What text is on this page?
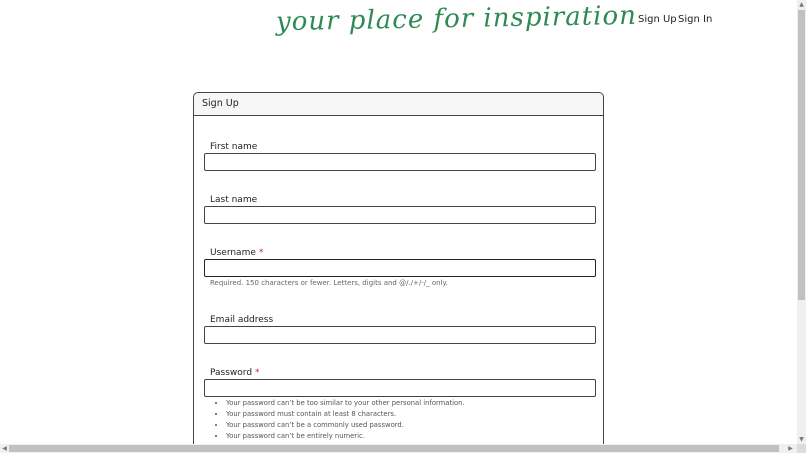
your place for inspiration Sign Up Sign In
Sign Up
First name
Last name
Username *
Required. 150 characters or fewer. Letters, digits and @/./+/-/_ only.
Email address
Password *
• Your password can’t be too similar to your other personal information.
• Your password must contain at least 8 characters.
• Your password can’t be a commonly used password.
• Your password can’t be entirely numeric.
▲
▼
◀	▶
